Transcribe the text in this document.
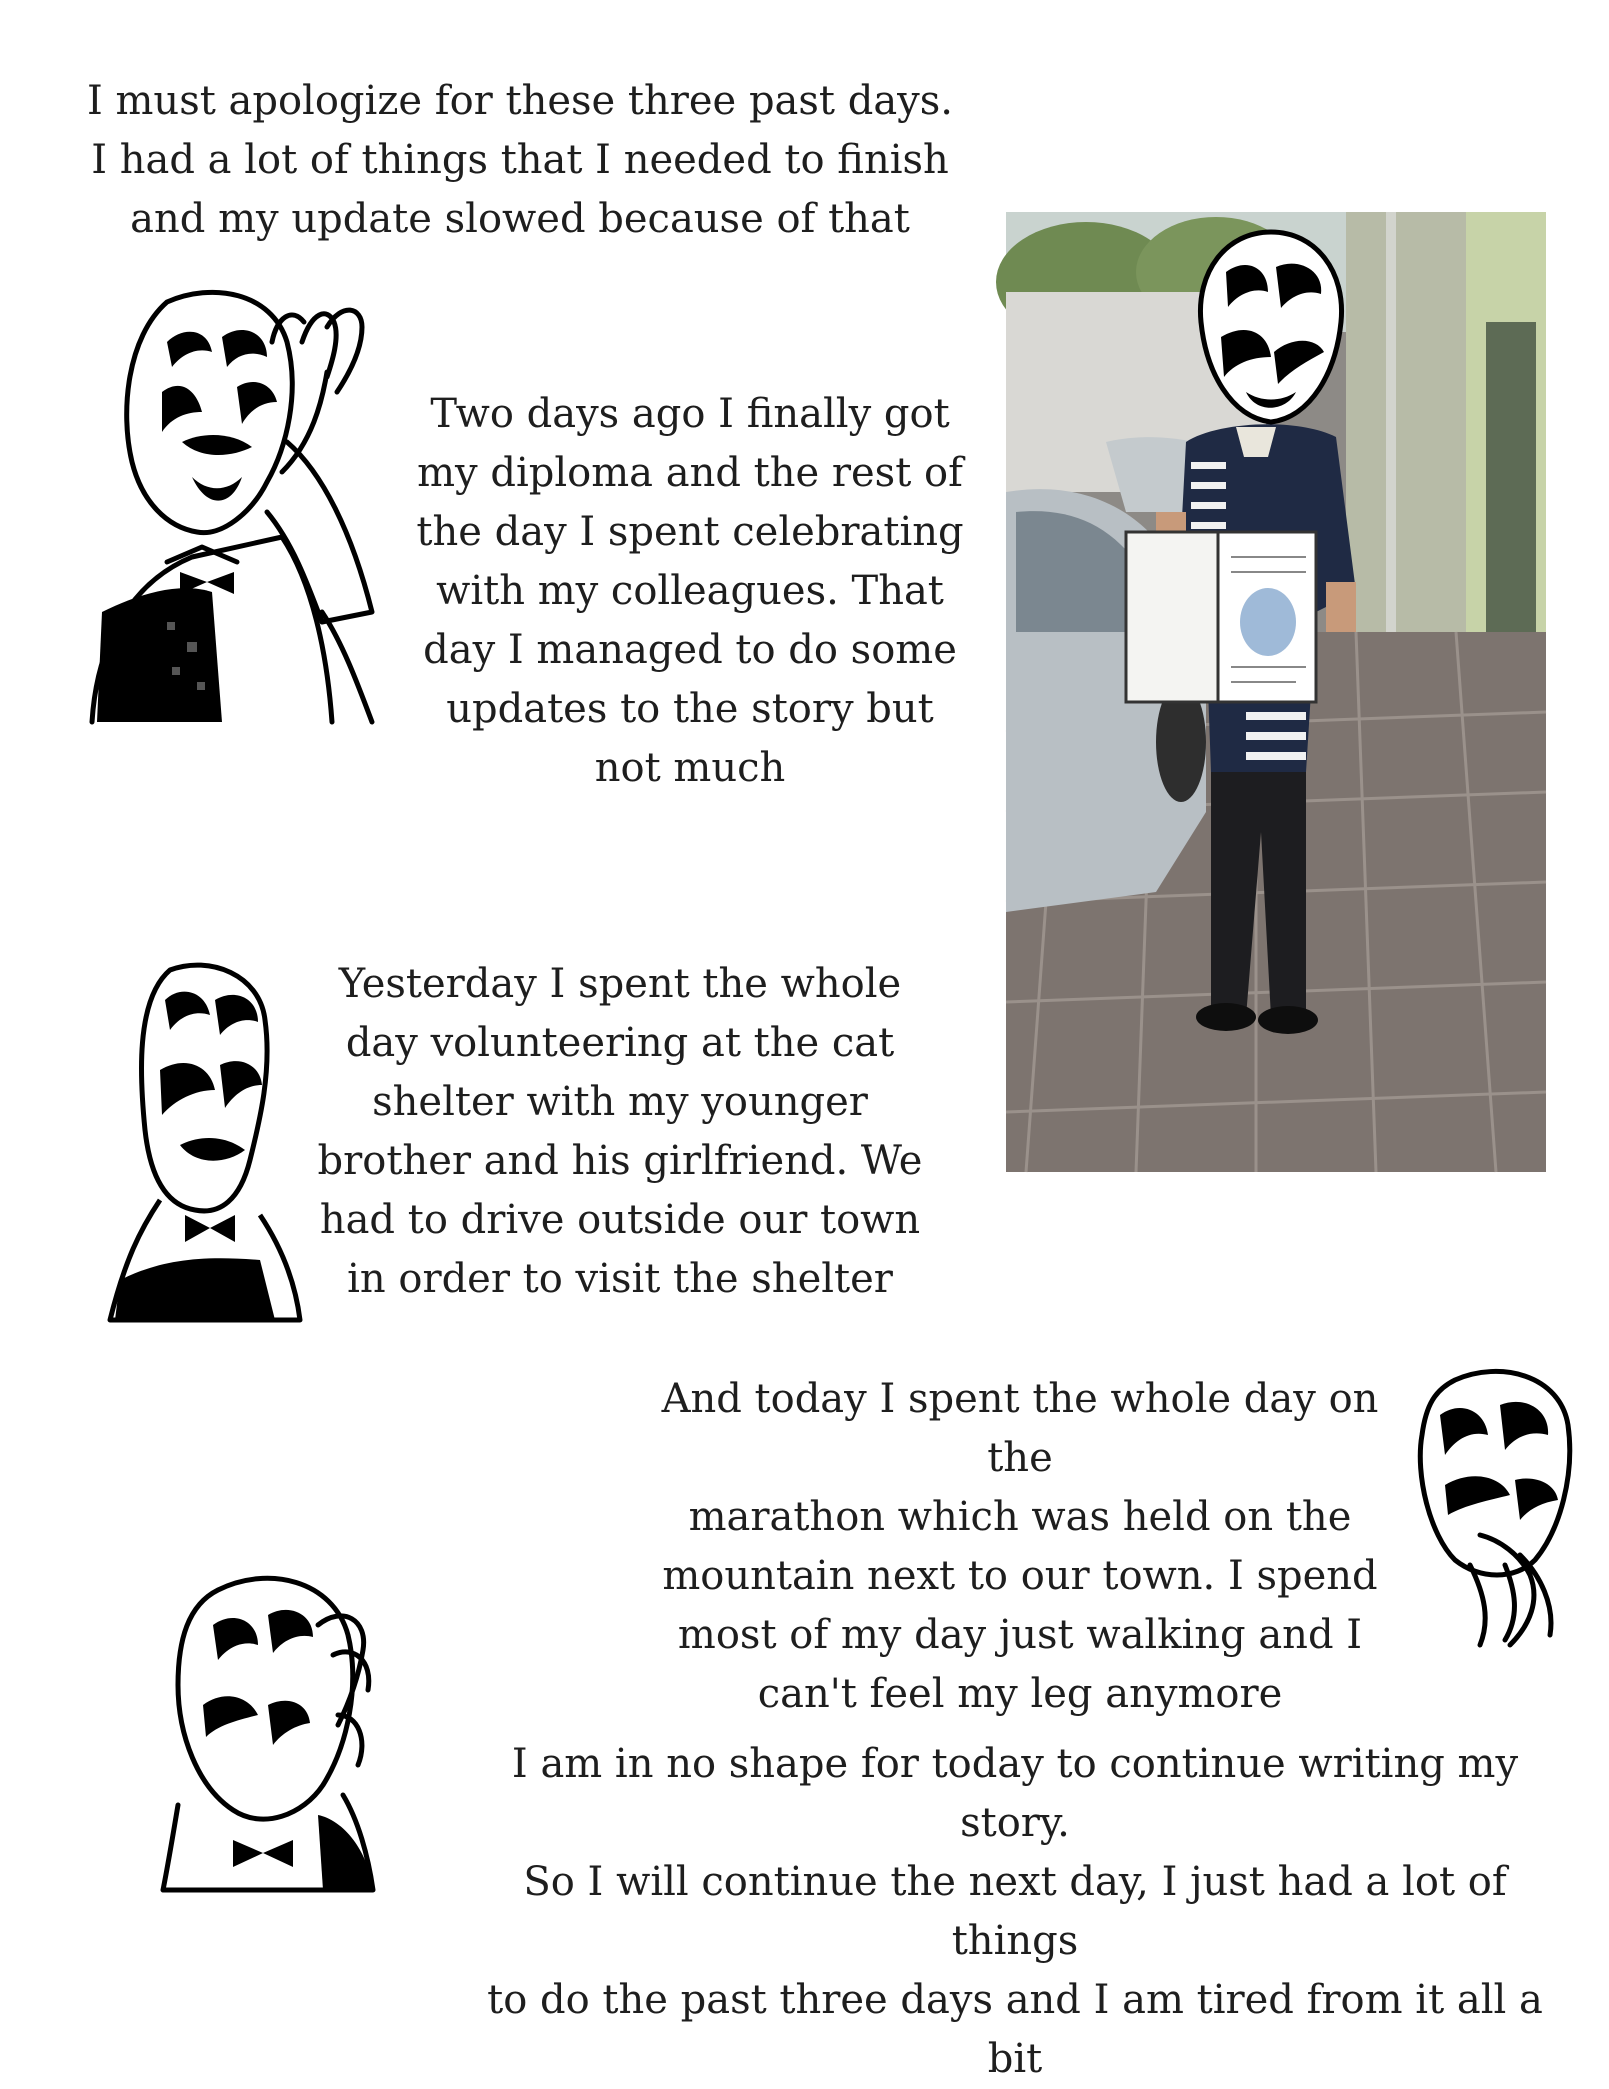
I must apologize for these three past days.
I had a lot of things that I needed to finish
and my update slowed because of that

Two days ago I finally got
my diploma and the rest of
the day I spent celebrating
with my colleagues. That
day I managed to do some
updates to the story but
not much

Yesterday I spent the whole
day volunteering at the cat
shelter with my younger
brother and his girlfriend. We
had to drive outside our town
in order to visit the shelter

And today I spent the whole day on the
marathon which was held on the
mountain next to our town. I spend
most of my day just walking and I
can't feel my leg anymore

I am in no shape for today to continue writing my story.
So I will continue the next day, I just had a lot of things
to do the past three days and I am tired from it all a bit
